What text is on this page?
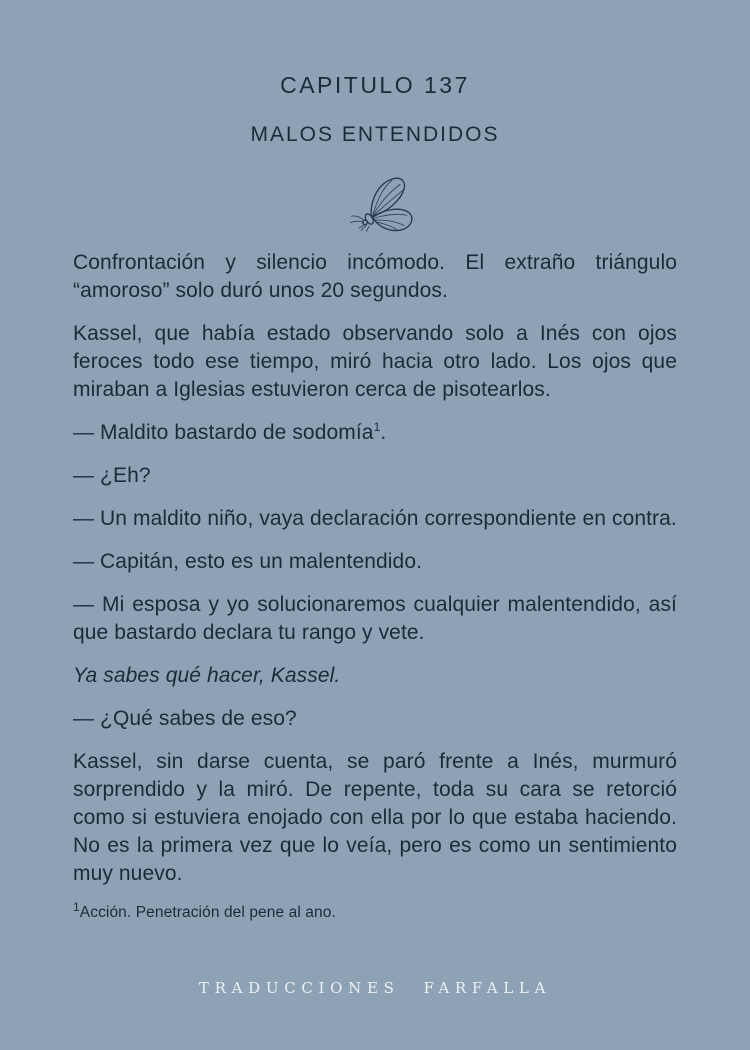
CAPITULO 137
MALOS ENTENDIDOS

Confrontación y silencio incómodo. El extraño triángulo “amoroso” solo duró unos 20 segundos.

Kassel, que había estado observando solo a Inés con ojos feroces todo ese tiempo, miró hacia otro lado. Los ojos que miraban a Iglesias estuvieron cerca de pisotearlos.

— Maldito bastardo de sodomía$^1$.

— ¿Eh?

— Un maldito niño, vaya declaración correspondiente en contra.

— Capitán, esto es un malentendido.

— Mi esposa y yo solucionaremos cualquier malentendido, así que bastardo declara tu rango y vete.

Ya sabes qué hacer, Kassel.

— ¿Qué sabes de eso?

Kassel, sin darse cuenta, se paró frente a Inés, murmuró sorprendido y la miró. De repente, toda su cara se retorció como si estuviera enojado con ella por lo que estaba haciendo. No es la primera vez que lo veía, pero es como un sentimiento muy nuevo.

$^1$Acción. Penetración del pene al ano.

TRADUCCIONES FARFALLA
